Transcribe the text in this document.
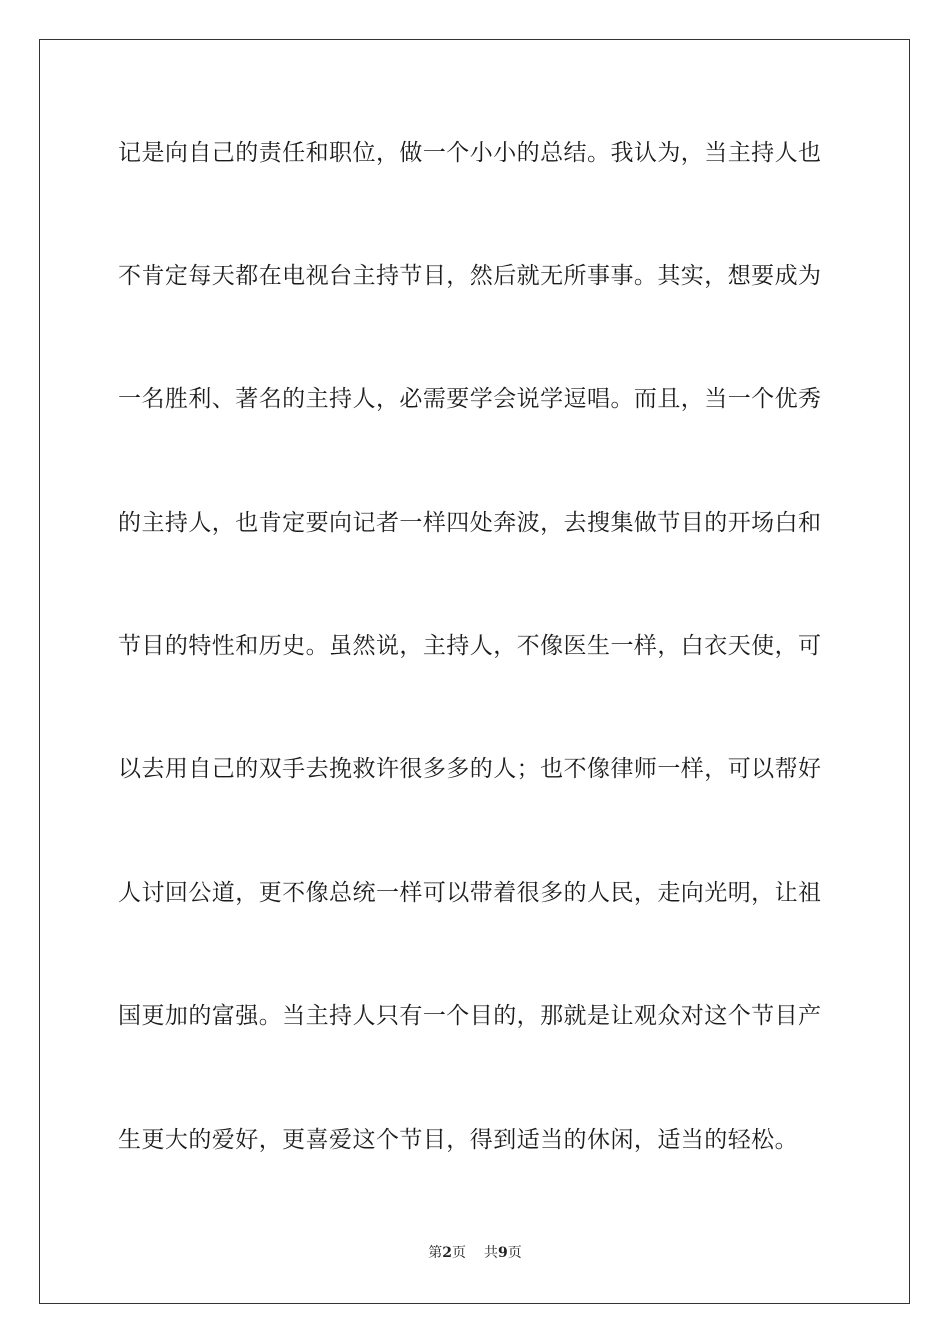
记是向自己的责任和职位，做一个小小的总结。我认为，当主持人也
不肯定每天都在电视台主持节目，然后就无所事事。其实，想要成为
一名胜利、著名的主持人，必需要学会说学逗唱。而且，当一个优秀
的主持人，也肯定要向记者一样四处奔波，去搜集做节目的开场白和
节目的特性和历史。虽然说，主持人，不像医生一样，白衣天使，可
以去用自己的双手去挽救许很多多的人；也不像律师一样，可以帮好
人讨回公道，更不像总统一样可以带着很多的人民，走向光明，让祖
国更加的富强。当主持人只有一个目的，那就是让观众对这个节目产
生更大的爱好，更喜爱这个节目，得到适当的休闲，适当的轻松。
第2页 共9页
